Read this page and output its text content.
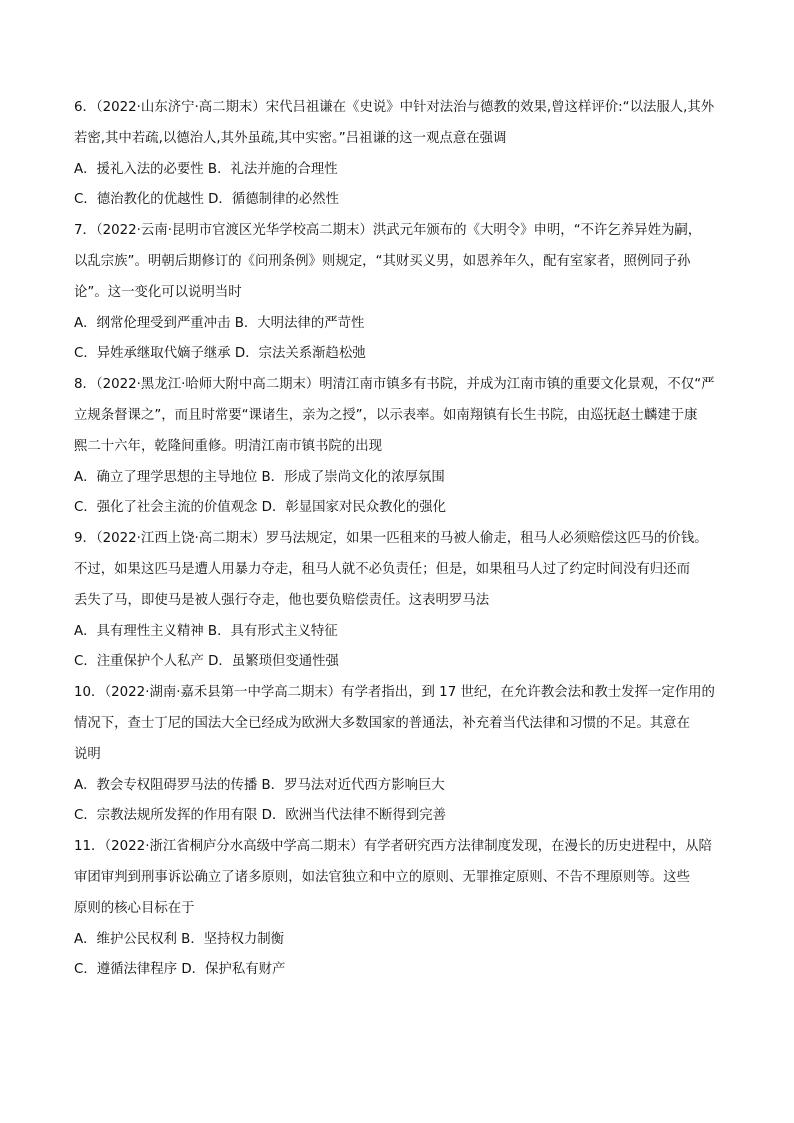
6．（2022·山东济宁·高二期末）宋代吕祖谦在《史说》中针对法治与德教的效果,曾这样评价:“以法服人,其外
若密,其中若疏,以德治人,其外虽疏,其中实密。”吕祖谦的这一观点意在强调
A．援礼入法的必要性 B．礼法并施的合理性
C．德治教化的优越性 D．循德制律的必然性
7．（2022·云南·昆明市官渡区光华学校高二期末）洪武元年颁布的《大明令》申明，“不许乞养异姓为嗣，
以乱宗族”。明朝后期修订的《问刑条例》则规定，“其财买义男，如恩养年久，配有室家者，照例同子孙
论”。这一变化可以说明当时
A．纲常伦理受到严重冲击 B．大明法律的严苛性
C．异姓承继取代嫡子继承 D．宗法关系渐趋松弛
8．（2022·黑龙江·哈师大附中高二期末）明清江南市镇多有书院，并成为江南市镇的重要文化景观，不仅“严
立规条督课之”，而且时常要“课诸生，亲为之授”，以示表率。如南翔镇有长生书院，由巡抚赵士麟建于康
熙二十六年，乾隆间重修。明清江南市镇书院的出现
A．确立了理学思想的主导地位 B．形成了崇尚文化的浓厚氛围
C．强化了社会主流的价值观念 D．彰显国家对民众教化的强化
9．（2022·江西上饶·高二期末）罗马法规定，如果一匹租来的马被人偷走，租马人必须赔偿这匹马的价钱。
不过，如果这匹马是遭人用暴力夺走，租马人就不必负责任；但是，如果租马人过了约定时间没有归还而
丢失了马，即使马是被人强行夺走，他也要负赔偿责任。这表明罗马法
A．具有理性主义精神 B．具有形式主义特征
C．注重保护个人私产 D．虽繁琐但变通性强
10．（2022·湖南·嘉禾县第一中学高二期末）有学者指出，到 17 世纪，在允许教会法和教士发挥一定作用的
情况下，查士丁尼的国法大全已经成为欧洲大多数国家的普通法，补充着当代法律和习惯的不足。其意在
说明
A．教会专权阻碍罗马法的传播 B．罗马法对近代西方影响巨大
C．宗教法规所发挥的作用有限 D．欧洲当代法律不断得到完善
11．（2022·浙江省桐庐分水高级中学高二期末）有学者研究西方法律制度发现，在漫长的历史进程中，从陪
审团审判到刑事诉讼确立了诸多原则，如法官独立和中立的原则、无罪推定原则、不告不理原则等。这些
原则的核心目标在于
A．维护公民权利 B．坚持权力制衡
C．遵循法律程序 D．保护私有财产
